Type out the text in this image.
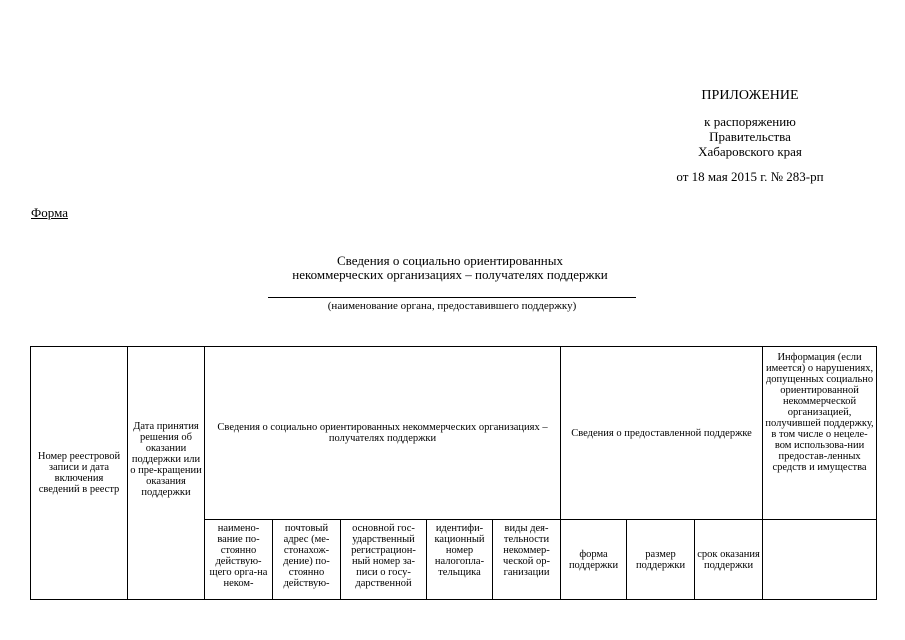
ПРИЛОЖЕНИЕ
к распоряжению
Правительства
Хабаровского края
от 18 мая 2015 г. № 283-рп
Форма
Сведения о социально ориентированных
некоммерческих организациях – получателях поддержки
(наименование органа, предоставившего поддержку)
Номер реестровой записи и дата включения сведений в реестр	Дата принятия решения об оказании поддержки или о пре-кращении оказания поддержки	Сведения о социально ориентированных некоммерческих организациях – получателях поддержки					Сведения о предоставленной поддержке			Информация (если имеется) о нарушениях, допущенных социально ориентированной некоммерческой организацией, получившей поддержку, в том числе о нецеле-вом использова-нии предостав-ленных средств и имущества

		наимено-вание по-стоянно действую-щего орга-на неком-	почтовый адрес (ме-стонахож-дение) по-стоянно действую-	основной гос-ударственный регистрацион-ный номер за-писи о госу-дарственной	идентифи-кационный номер налогопла-тельщика	виды дея-тельности некоммер-ческой ор-ганизации	форма поддержки	размер поддержки	срок оказания поддержки	
